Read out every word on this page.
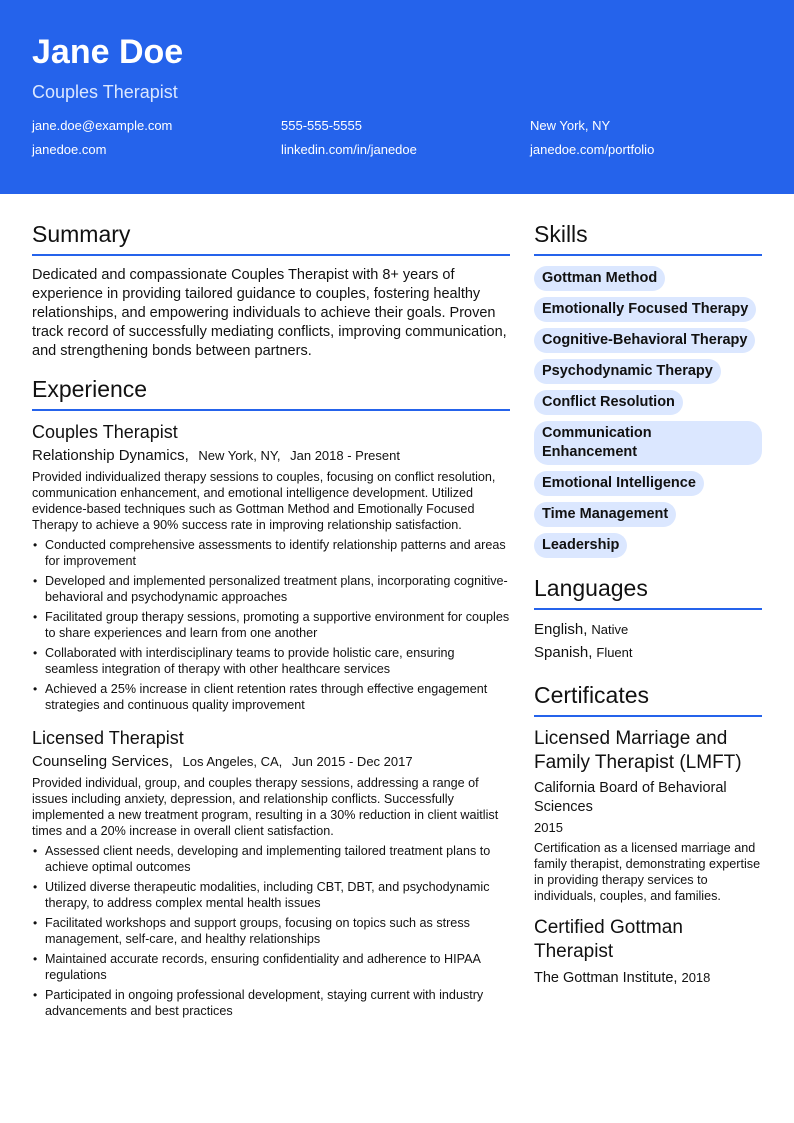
Jane Doe
Couples Therapist
jane.doe@example.com	555-555-5555	New York, NY
janedoe.com	linkedin.com/in/janedoe	janedoe.com/portfolio
Summary

Dedicated and compassionate Couples Therapist with 8+ years of experience in providing tailored guidance to couples, fostering healthy relationships, and empowering individuals to achieve their goals. Proven track record of successfully mediating conflicts, improving communication, and strengthening bonds between partners.

Experience
Couples Therapist
Relationship Dynamics, New York, NY, Jan 2018 - Present

Provided individualized therapy sessions to couples, focusing on conflict resolution, communication enhancement, and emotional intelligence development. Utilized evidence-based techniques such as Gottman Method and Emotionally Focused Therapy to achieve a 90% success rate in improving relationship satisfaction.

• Conducted comprehensive assessments to identify relationship patterns and areas for improvement
• Developed and implemented personalized treatment plans, incorporating cognitive-behavioral and psychodynamic approaches
• Facilitated group therapy sessions, promoting a supportive environment for couples to share experiences and learn from one another
• Collaborated with interdisciplinary teams to provide holistic care, ensuring seamless integration of therapy with other healthcare services
• Achieved a 25% increase in client retention rates through effective engagement strategies and continuous quality improvement
Licensed Therapist
Counseling Services, Los Angeles, CA, Jun 2015 - Dec 2017

Provided individual, group, and couples therapy sessions, addressing a range of issues including anxiety, depression, and relationship conflicts. Successfully implemented a new treatment program, resulting in a 30% reduction in client waitlist times and a 20% increase in overall client satisfaction.

• Assessed client needs, developing and implementing tailored treatment plans to achieve optimal outcomes
• Utilized diverse therapeutic modalities, including CBT, DBT, and psychodynamic therapy, to address complex mental health issues
• Facilitated workshops and support groups, focusing on topics such as stress management, self-care, and healthy relationships
• Maintained accurate records, ensuring confidentiality and adherence to HIPAA regulations
• Participated in ongoing professional development, staying current with industry advancements and best practices
Skills
Gottman Method
Emotionally Focused Therapy
Cognitive-Behavioral Therapy
Psychodynamic Therapy
Conflict Resolution
Communication Enhancement
Emotional Intelligence
Time Management
Leadership
Languages
English, Native
Spanish, Fluent
Certificates
Licensed Marriage and Family Therapist (LMFT)
California Board of Behavioral Sciences
2015

Certification as a licensed marriage and family therapist, demonstrating expertise in providing therapy services to individuals, couples, and families.

Certified Gottman Therapist
The Gottman Institute, 2018
